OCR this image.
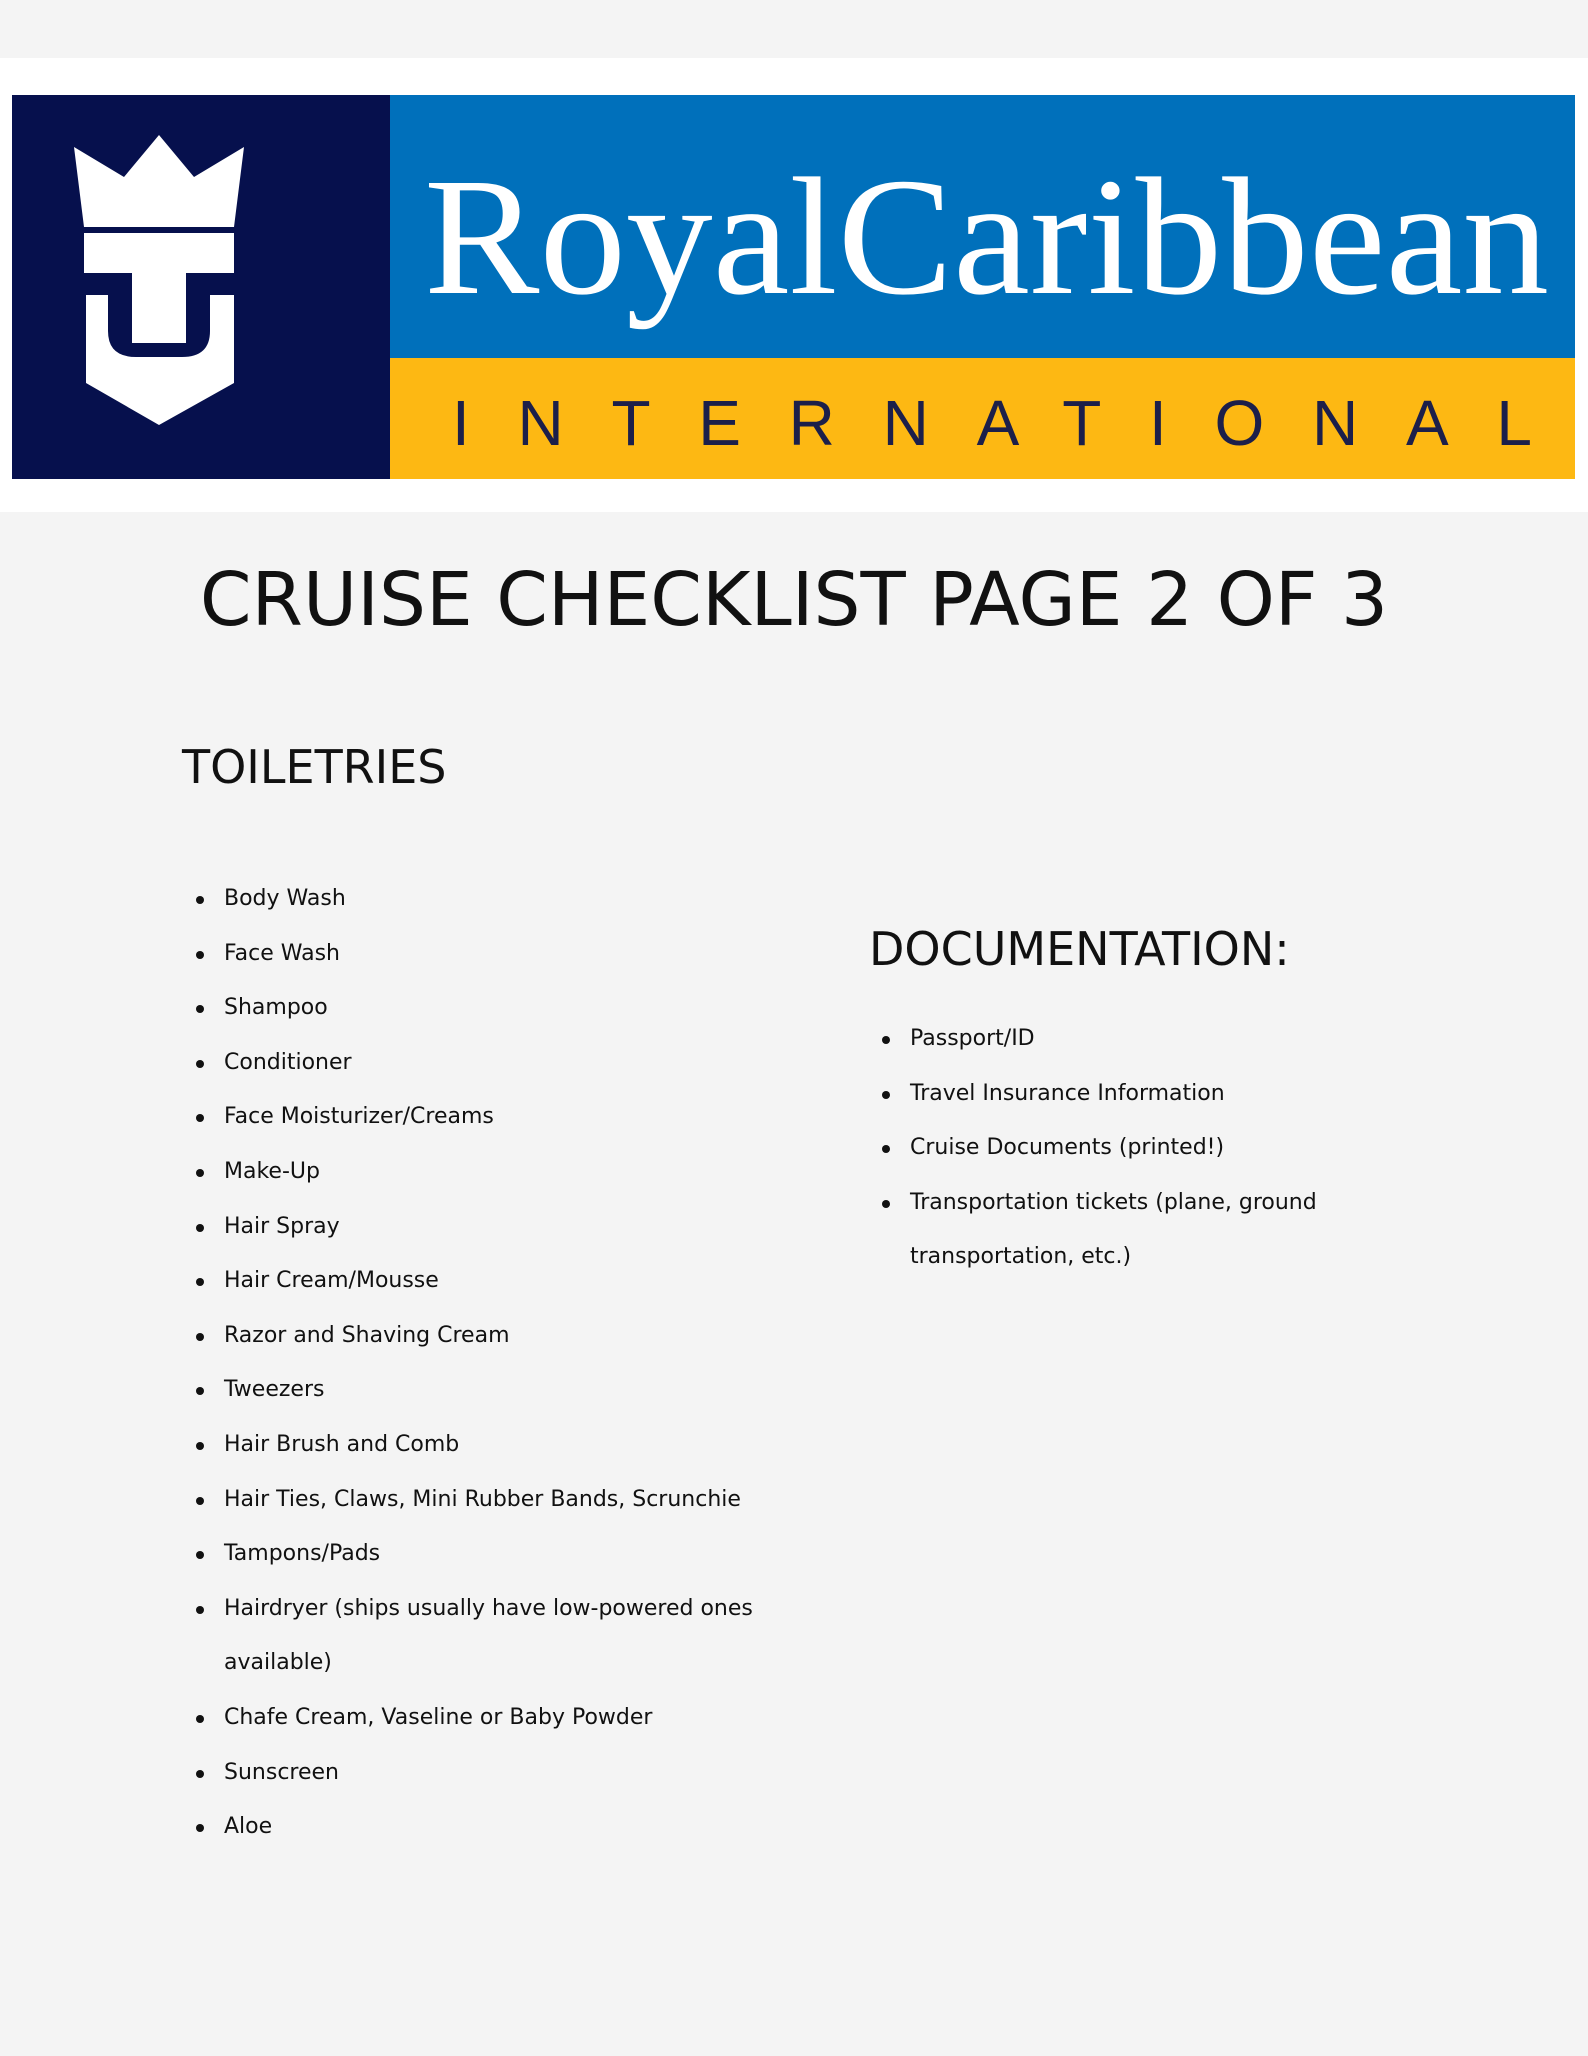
RoyalCaribbean
INTERNATIONAL
CRUISE CHECKLIST PAGE 2 OF 3
TOILETRIES
Body Wash
Face Wash
Shampoo
Conditioner
Face Moisturizer/Creams
Make-Up
Hair Spray
Hair Cream/Mousse
Razor and Shaving Cream
Tweezers
Hair Brush and Comb
Hair Ties, Claws, Mini Rubber Bands, Scrunchie
Tampons/Pads
Hairdryer (ships usually have low-powered ones available)
Chafe Cream, Vaseline or Baby Powder
Sunscreen
Aloe
DOCUMENTATION:
Passport/ID
Travel Insurance Information
Cruise Documents (printed!)
Transportation tickets (plane, ground transportation, etc.)
